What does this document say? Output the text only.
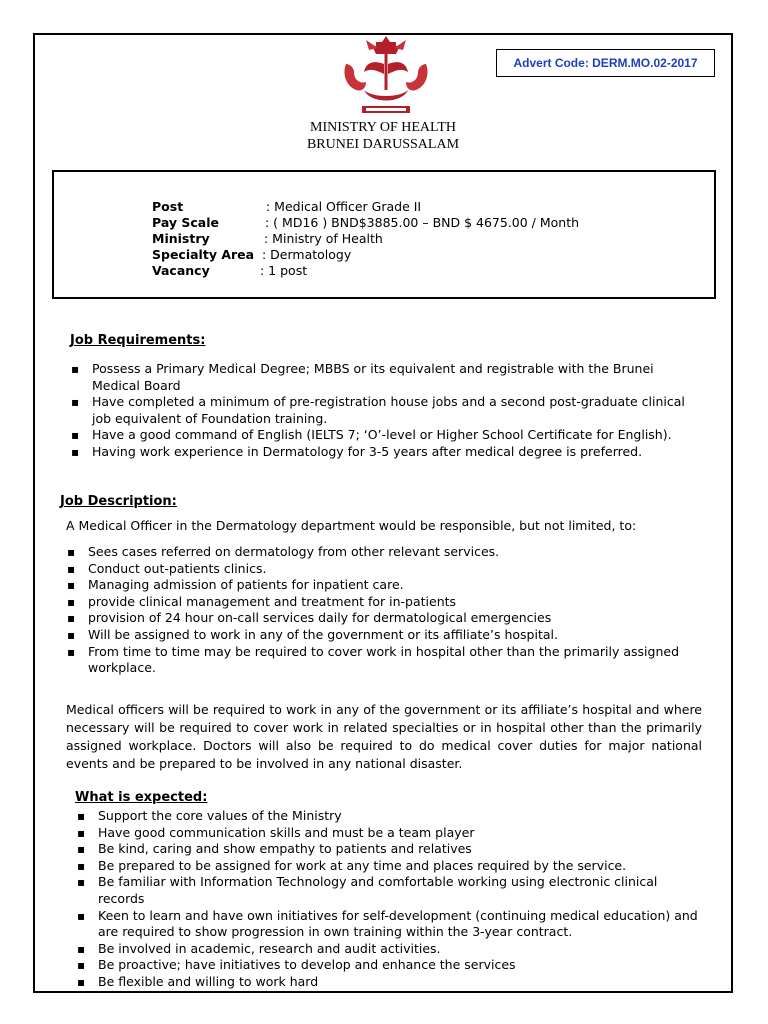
Advert Code: DERM.MO.02-2017
MINISTRY OF HEALTH
BRUNEI DARUSSALAM
Post	: Medical Officer Grade II
Pay Scale	: ( MD16 ) BND$3885.00 – BND $ 4675.00 / Month
Ministry	: Ministry of Health
Specialty Area : Dermatology
Vacancy	: 1 post
Job Requirements:
▪ Possess a Primary Medical Degree; MBBS or its equivalent and registrable with the Brunei Medical Board
▪ Have completed a minimum of pre-registration house jobs and a second post-graduate clinical job equivalent of Foundation training.
▪ Have a good command of English (IELTS 7; ‘O’-level or Higher School Certificate for English).
▪ Having work experience in Dermatology for 3-5 years after medical degree is preferred.
Job Description:
A Medical Officer in the Dermatology department would be responsible, but not limited, to:
▪ Sees cases referred on dermatology from other relevant services.
▪ Conduct out-patients clinics.
▪ Managing admission of patients for inpatient care.
▪ provide clinical management and treatment for in-patients
▪ provision of 24 hour on-call services daily for dermatological emergencies
▪ Will be assigned to work in any of the government or its affiliate’s hospital.
▪ From time to time may be required to cover work in hospital other than the primarily assigned workplace.
Medical officers will be required to work in any of the government or its affiliate’s hospital and where necessary will be required to cover work in related specialties or in hospital other than the primarily assigned workplace. Doctors will also be required to do medical cover duties for major national events and be prepared to be involved in any national disaster.
What is expected:
▪ Support the core values of the Ministry
▪ Have good communication skills and must be a team player
▪ Be kind, caring and show empathy to patients and relatives
▪ Be prepared to be assigned for work at any time and places required by the service.
▪ Be familiar with Information Technology and comfortable working using electronic clinical records
▪ Keen to learn and have own initiatives for self-development (continuing medical education) and are required to show progression in own training within the 3-year contract.
▪ Be involved in academic, research and audit activities.
▪ Be proactive; have initiatives to develop and enhance the services
▪ Be flexible and willing to work hard
